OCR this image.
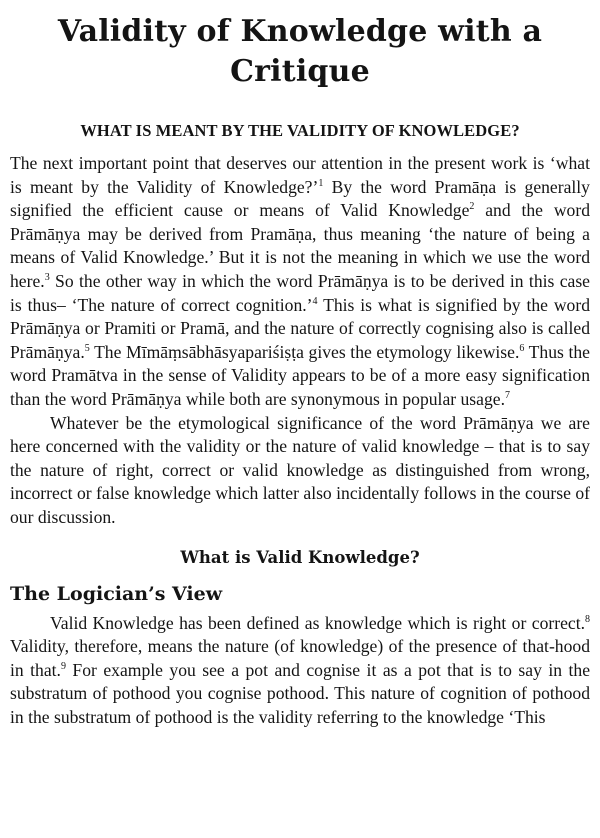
Validity of Knowledge with a Critique
WHAT IS MEANT BY THE VALIDITY OF KNOWLEDGE?

The next important point that deserves our attention in the present work is ‘what is meant by the Validity of Knowledge?’$^1$ By the word Pramāṇa is generally signified the efficient cause or means of Valid Knowledge$^2$ and the word Prāmāṇya may be derived from Pramāṇa, thus meaning ‘the nature of being a means of Valid Knowledge.’ But it is not the meaning in which we use the word here.$^3$ So the other way in which the word Prāmāṇya is to be derived in this case is thus– ‘The nature of correct cognition.’$^4$ This is what is signified by the word Prāmāṇya or Pramiti or Pramā, and the nature of correctly cognising also is called Prāmāṇya.$^5$ The Mīmāṃsābhāsyapariśiṣṭa gives the etymology likewise.$^6$ Thus the word Pramātva in the sense of Validity appears to be of a more easy signification than the word Prāmāṇya while both are synonymous in popular usage.$^7$

Whatever be the etymological significance of the word Prāmāṇya we are here concerned with the validity or the nature of valid knowledge – that is to say the nature of right, correct or valid knowledge as distinguished from wrong, incorrect or false knowledge which latter also incidentally follows in the course of our discussion.

What is Valid Knowledge?
The Logician’s View

Valid Knowledge has been defined as knowledge which is right or correct.$^8$ Validity, therefore, means the nature (of knowledge) of the presence of that-hood in that.$^9$ For example you see a pot and cognise it as a pot that is to say in the substratum of pothood you cognise pothood. This nature of cognition of pothood in the substratum of pothood is the validity referring to the knowledge ‘This
